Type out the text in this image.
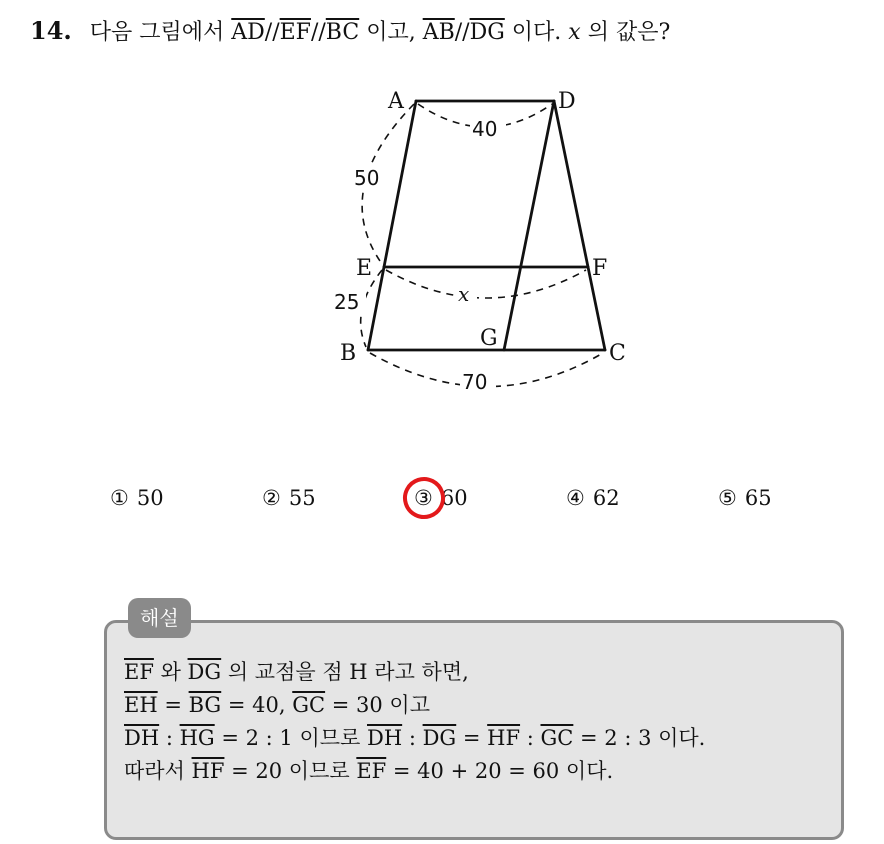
14. 다음 그림에서 $\overline{AD}//\overline{EF}//\overline{BC}$ 이고, $\overline{AB}//\overline{DG}$ 이다. x 의 값은?
A	D
E	F
B
G
C
40
50
25	x
70
① 50	② 55	③ 60	④ 62	⑤ 65
해설
$\overline{EF}$ 와 $\overline{DG}$ 의 교점을 점 H 라고 하면,
$\overline{EH} = \overline{BG} = 40$, $\overline{GC} = 30$ 이고
$\overline{DH}$ : $\overline{HG} = 2$ : 1 이므로 $\overline{DH}$ : $\overline{DG} = \overline{HF}$ : $\overline{GC} = 2$ : 3 이다.
따라서 $\overline{HF} = 20$ 이므로 $\overline{EF} = 40 + 20 = 60$ 이다.
